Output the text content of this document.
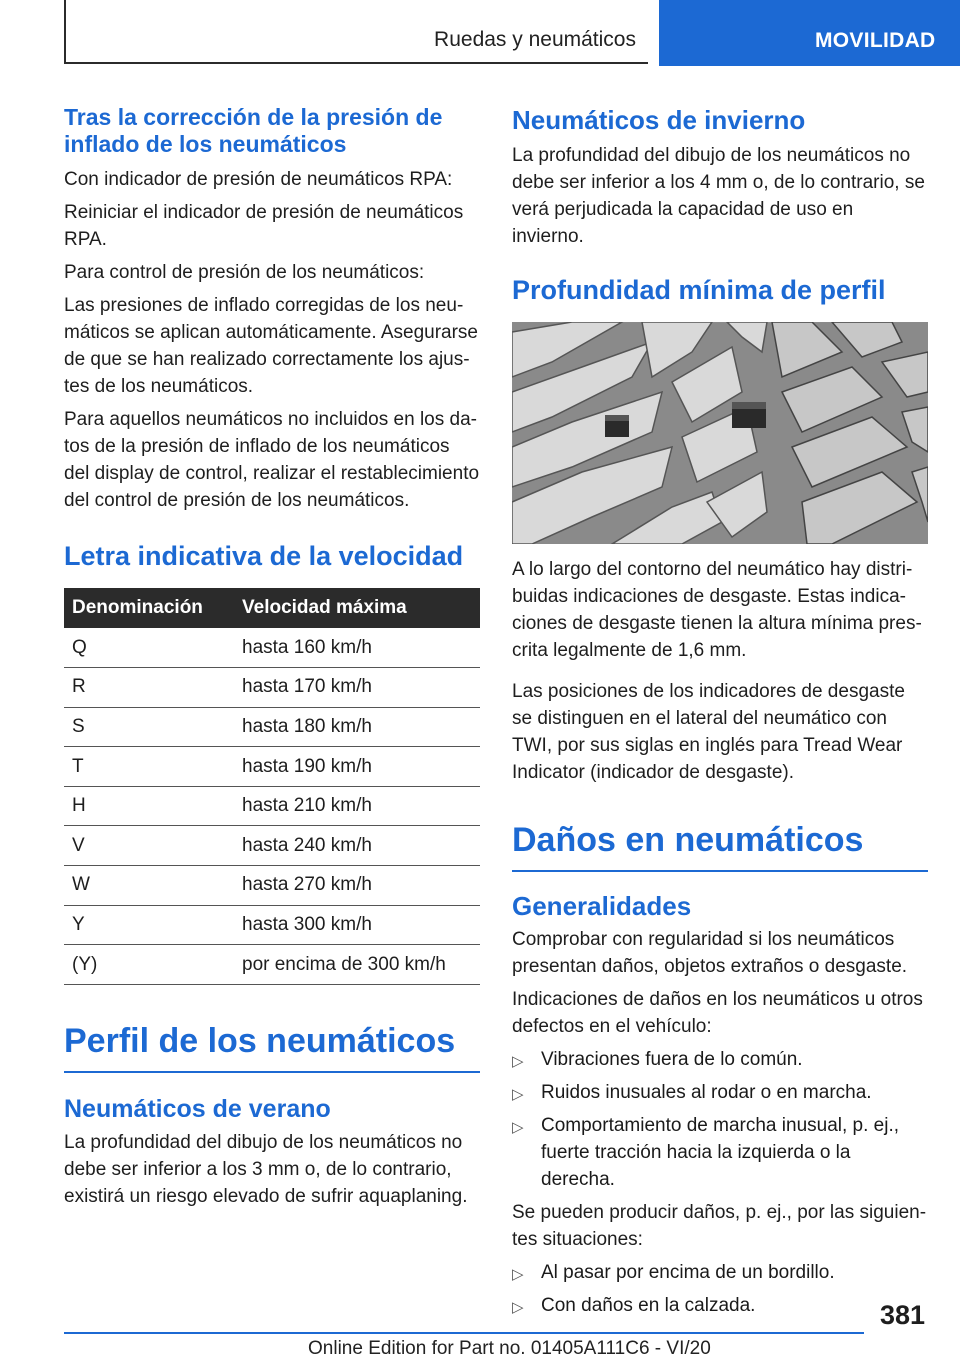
Ruedas y neumáticos	MOVILIDAD
Tras la corrección de la presión de inflado de los neumáticos
Con indicador de presión de neumáticos RPA:
Reiniciar el indicador de presión de neumáticos RPA.
Para control de presión de los neumáticos:
Las presiones de inflado corregidas de los neumáticos se aplican automáticamente. Asegurarse de que se han realizado correctamente los ajustes de los neumáticos.
Para aquellos neumáticos no incluidos en los datos de la presión de inflado de los neumáticos del display de control, realizar el restablecimiento del control de presión de los neumáticos.
Letra indicativa de la velocidad
Denominación	Velocidad máxima
Q	hasta 160 km/h
R	hasta 170 km/h
S	hasta 180 km/h
T	hasta 190 km/h
H	hasta 210 km/h
V	hasta 240 km/h
W	hasta 270 km/h
Y	hasta 300 km/h
(Y)	por encima de 300 km/h
Perfil de los neumáticos
Neumáticos de verano
La profundidad del dibujo de los neumáticos no debe ser inferior a los 3 mm o, de lo contrario, existirá un riesgo elevado de sufrir aquaplaning.
Neumáticos de invierno
La profundidad del dibujo de los neumáticos no debe ser inferior a los 4 mm o, de lo contrario, se verá perjudicada la capacidad de uso en invierno.
Profundidad mínima de perfil
A lo largo del contorno del neumático hay distribuidas indicaciones de desgaste. Estas indicaciones de desgaste tienen la altura mínima prescrita legalmente de 1,6 mm.
Las posiciones de los indicadores de desgaste se distinguen en el lateral del neumático con TWI, por sus siglas en inglés para Tread Wear Indicator (indicador de desgaste).
Daños en neumáticos
Generalidades
Comprobar con regularidad si los neumáticos presentan daños, objetos extraños o desgaste.
Indicaciones de daños en los neumáticos u otros defectos en el vehículo:
▷ Vibraciones fuera de lo común.
▷ Ruidos inusuales al rodar o en marcha.
▷ Comportamiento de marcha inusual, p. ej., fuerte tracción hacia la izquierda o la derecha.
Se pueden producir daños, p. ej., por las siguientes situaciones:
▷ Al pasar por encima de un bordillo.
▷ Con daños en la calzada.	381
Online Edition for Part no. 01405A111C6 - VI/20
